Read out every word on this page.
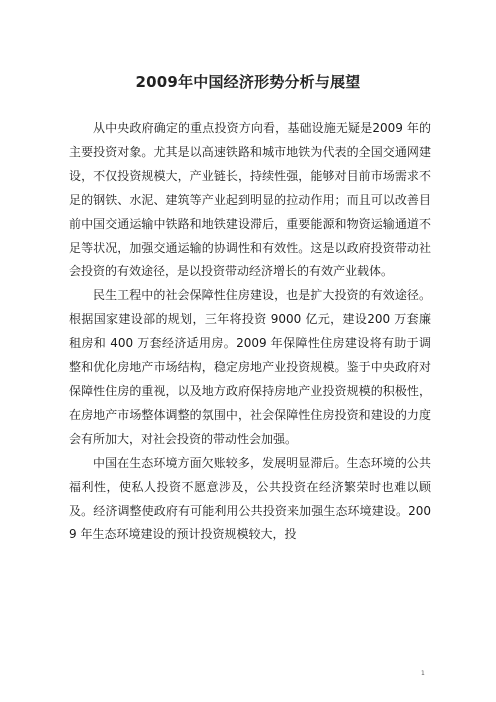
2009年中国经济形势分析与展望

从中央政府确定的重点投资方向看，基础设施无疑是2009 年的主要投资对象。尤其是以高速铁路和城市地铁为代表的全国交通网建设，不仅投资规模大，产业链长，持续性强，能够对目前市场需求不足的钢铁、水泥、建筑等产业起到明显的拉动作用；而且可以改善目前中国交通运输中铁路和地铁建设滞后，重要能源和物资运输通道不足等状况，加强交通运输的协调性和有效性。这是以政府投资带动社会投资的有效途径，是以投资带动经济增长的有效产业载体。

民生工程中的社会保障性住房建设，也是扩大投资的有效途径。根据国家建设部的规划，三年将投资 9000 亿元，建设200 万套廉租房和 400 万套经济适用房。2009 年保障性住房建设将有助于调整和优化房地产市场结构，稳定房地产业投资规模。鉴于中央政府对保障性住房的重视，以及地方政府保持房地产业投资规模的积极性，在房地产市场整体调整的氛围中，社会保障性住房投资和建设的力度会有所加大，对社会投资的带动性会加强。

中国在生态环境方面欠账较多，发展明显滞后。生态环境的公共福利性，使私人投资不愿意涉及，公共投资在经济繁荣时也难以顾及。经济调整使政府有可能利用公共投资来加强生态环境建设。2009 年生态环境建设的预计投资规模较大，投

1
